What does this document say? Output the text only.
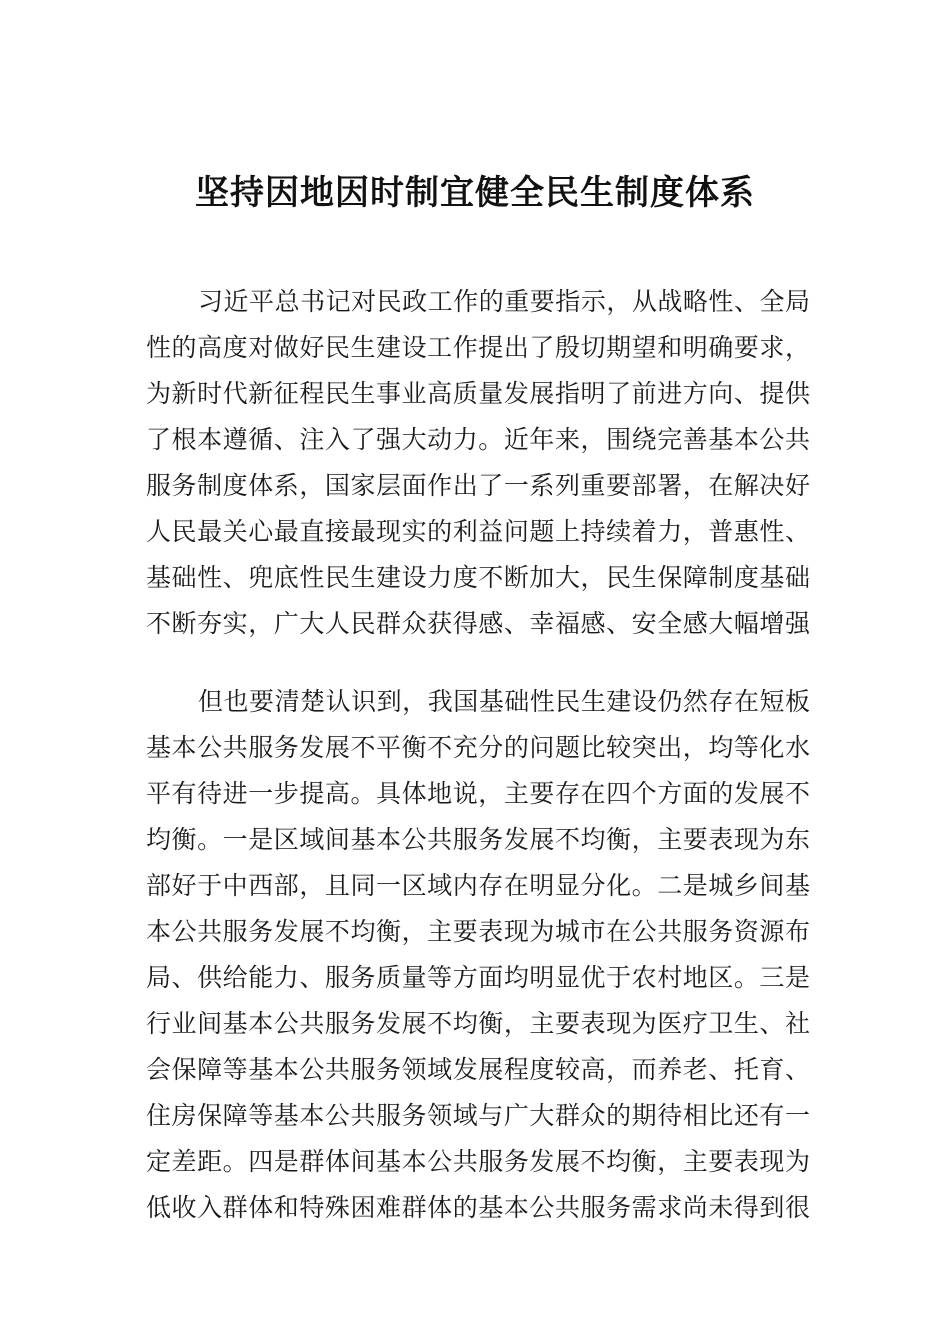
坚持因地因时制宜健全民生制度体系
习近平总书记对民政工作的重要指示，从战略性、全局
性的高度对做好民生建设工作提出了殷切期望和明确要求，
为新时代新征程民生事业高质量发展指明了前进方向、提供
了根本遵循、注入了强大动力。近年来，围绕完善基本公共
服务制度体系，国家层面作出了一系列重要部署，在解决好
人民最关心最直接最现实的利益问题上持续着力，普惠性、
基础性、兜底性民生建设力度不断加大，民生保障制度基础
不断夯实，广大人民群众获得感、幸福感、安全感大幅增强
但也要清楚认识到，我国基础性民生建设仍然存在短板
基本公共服务发展不平衡不充分的问题比较突出，均等化水
平有待进一步提高。具体地说，主要存在四个方面的发展不
均衡。一是区域间基本公共服务发展不均衡，主要表现为东
部好于中西部，且同一区域内存在明显分化。二是城乡间基
本公共服务发展不均衡，主要表现为城市在公共服务资源布
局、供给能力、服务质量等方面均明显优于农村地区。三是
行业间基本公共服务发展不均衡，主要表现为医疗卫生、社
会保障等基本公共服务领域发展程度较高，而养老、托育、
住房保障等基本公共服务领域与广大群众的期待相比还有一
定差距。四是群体间基本公共服务发展不均衡，主要表现为
低收入群体和特殊困难群体的基本公共服务需求尚未得到很
